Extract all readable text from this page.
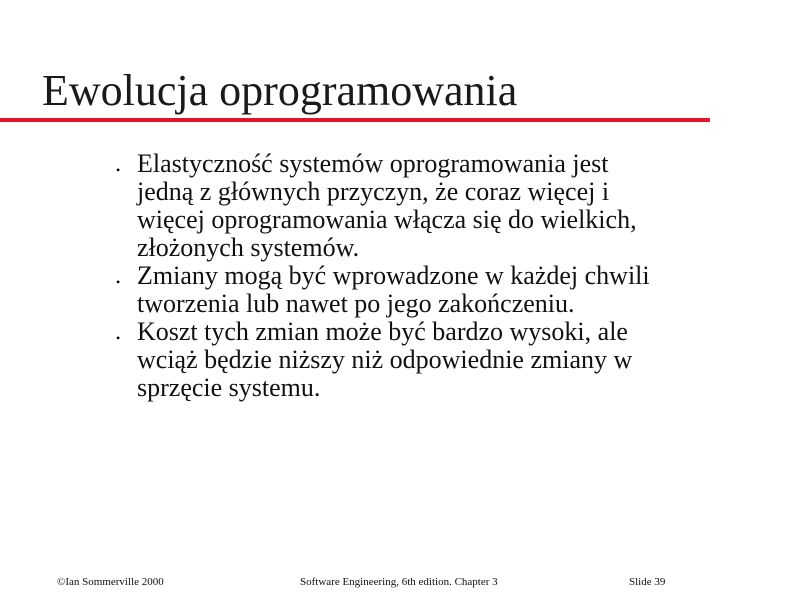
Ewolucja oprogramowania
• Elastyczność systemów oprogramowania jest
jedną z głównych przyczyn, że coraz więcej i
więcej oprogramowania włącza się do wielkich,
złożonych systemów.
• Zmiany mogą być wprowadzone w każdej chwili
tworzenia lub nawet po jego zakończeniu.
• Koszt tych zmian może być bardzo wysoki, ale
wciąż będzie niższy niż odpowiednie zmiany w
sprzęcie systemu.
©Ian Sommerville 2000	Software Engineering, 6th edition. Chapter 3	Slide 39
